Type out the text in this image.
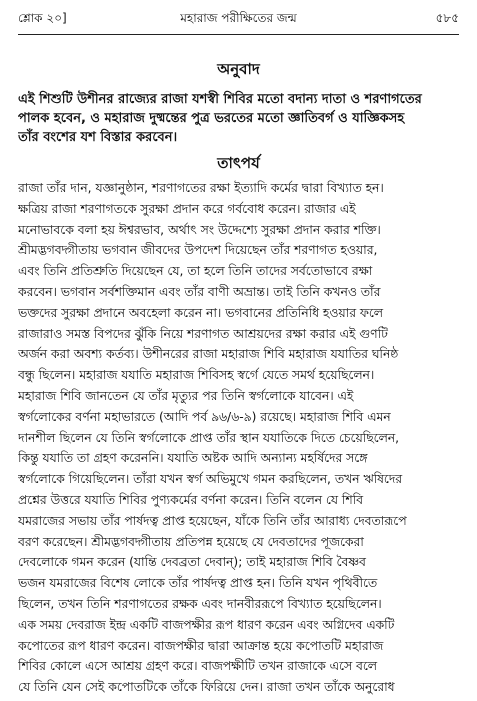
শ্লোক ২০]	মহারাজ পরীক্ষিতের জন্ম	৫৮৫
অনুবাদ
এই শিশুটি উশীনর রাজ্যের রাজা যশস্বী শিবির মতো বদান্য দাতা ও শরণাগতের
পালক হবেন, ও মহারাজ দুষ্মন্তের পুত্র ভরতের মতো জ্ঞাতিবর্গ ও যাজ্ঞিকসহ
তাঁর বংশের যশ বিস্তার করবেন।
তাৎপর্য
রাজা তাঁর দান, যজ্ঞানুষ্ঠান, শরণাগতের রক্ষা ইত্যাদি কর্মের দ্বারা বিখ্যাত হন।
ক্ষত্রিয় রাজা শরণাগতকে সুরক্ষা প্রদান করে গর্ববোধ করেন। রাজার এই
মনোভাবকে বলা হয় ঈশ্বরভাব, অর্থাৎ সং উদ্দেশ্যে সুরক্ষা প্রদান করার শক্তি।
শ্রীমদ্ভগবদ্গীতায় ভগবান জীবদের উপদেশ দিয়েছেন তাঁর শরণাগত হওয়ার,
এবং তিনি প্রতিশ্রুতি দিয়েছেন যে, তা হলে তিনি তাদের সর্বতোভাবে রক্ষা
করবেন। ভগবান সর্বশক্তিমান এবং তাঁর বাণী অভ্রান্ত। তাই তিনি কখনও তাঁর
ভক্তদের সুরক্ষা প্রদানে অবহেলা করেন না। ভগবানের প্রতিনিধি হওয়ার ফলে
রাজারাও সমস্ত বিপদের ঝুঁকি নিয়ে শরণাগত আশ্রয়দের রক্ষা করার এই গুণটি
অর্জন করা অবশ্য কর্তব্য। উশীনরের রাজা মহারাজ শিবি মহারাজ যযাতির ঘনিষ্ঠ
বন্ধু ছিলেন। মহারাজ যযাতি মহারাজ শিবিসহ স্বর্গে যেতে সমর্থ হয়েছিলেন।
মহারাজ শিবি জানতেন যে তাঁর মৃত্যুর পর তিনি স্বর্গলোকে যাবেন। এই
স্বর্গলোকের বর্ণনা মহাভারতে (আদি পর্ব ৯৬/৬-৯) রয়েছে। মহারাজ শিবি এমন
দানশীল ছিলেন যে তিনি স্বর্গলোকে প্রাপ্ত তাঁর স্থান যযাতিকে দিতে চেয়েছিলেন,
কিন্তু যযাতি তা গ্রহণ করেননি। যযাতি অষ্টক আদি অন্যান্য মহর্ষিদের সঙ্গে
স্বর্গলোকে গিয়েছিলেন। তাঁরা যখন স্বর্গ অভিমুখে গমন করছিলেন, তখন ঋষিদের
প্রশ্নের উত্তরে যযাতি শিবির পুণ্যকর্মের বর্ণনা করেন। তিনি বলেন যে শিবি
যমরাজের সভায় তাঁর পার্ষদত্ব প্রাপ্ত হয়েছেন, যাঁকে তিনি তাঁর আরাধ্য দেবতারূপে
বরণ করেছেন। শ্রীমদ্ভগবদ্গীতায় প্রতিপন্ন হয়েছে যে দেবতাদের পূজকেরা
দেবলোকে গমন করেন (যান্তি দেবব্রতা দেবান্); তাই মহারাজ শিবি বৈষ্ণব
ভজন যমরাজের বিশেষ লোকে তাঁর পার্ষদত্ব প্রাপ্ত হন। তিনি যখন পৃথিবীতে
ছিলেন, তখন তিনি শরণাগতের রক্ষক এবং দানবীররূপে বিখ্যাত হয়েছিলেন।
এক সময় দেবরাজ ইন্দ্র একটি বাজপক্ষীর রূপ ধারণ করেন এবং অগ্নিদেব একটি
কপোতের রূপ ধারণ করেন। বাজপক্ষীর দ্বারা আক্রান্ত হয়ে কপোতটি মহারাজ
শিবির কোলে এসে আশ্রয় গ্রহণ করে। বাজপক্ষীটি তখন রাজাকে এসে বলে
যে তিনি যেন সেই কপোতটিকে তাঁকে ফিরিয়ে দেন। রাজা তখন তাঁকে অনুরোধ
